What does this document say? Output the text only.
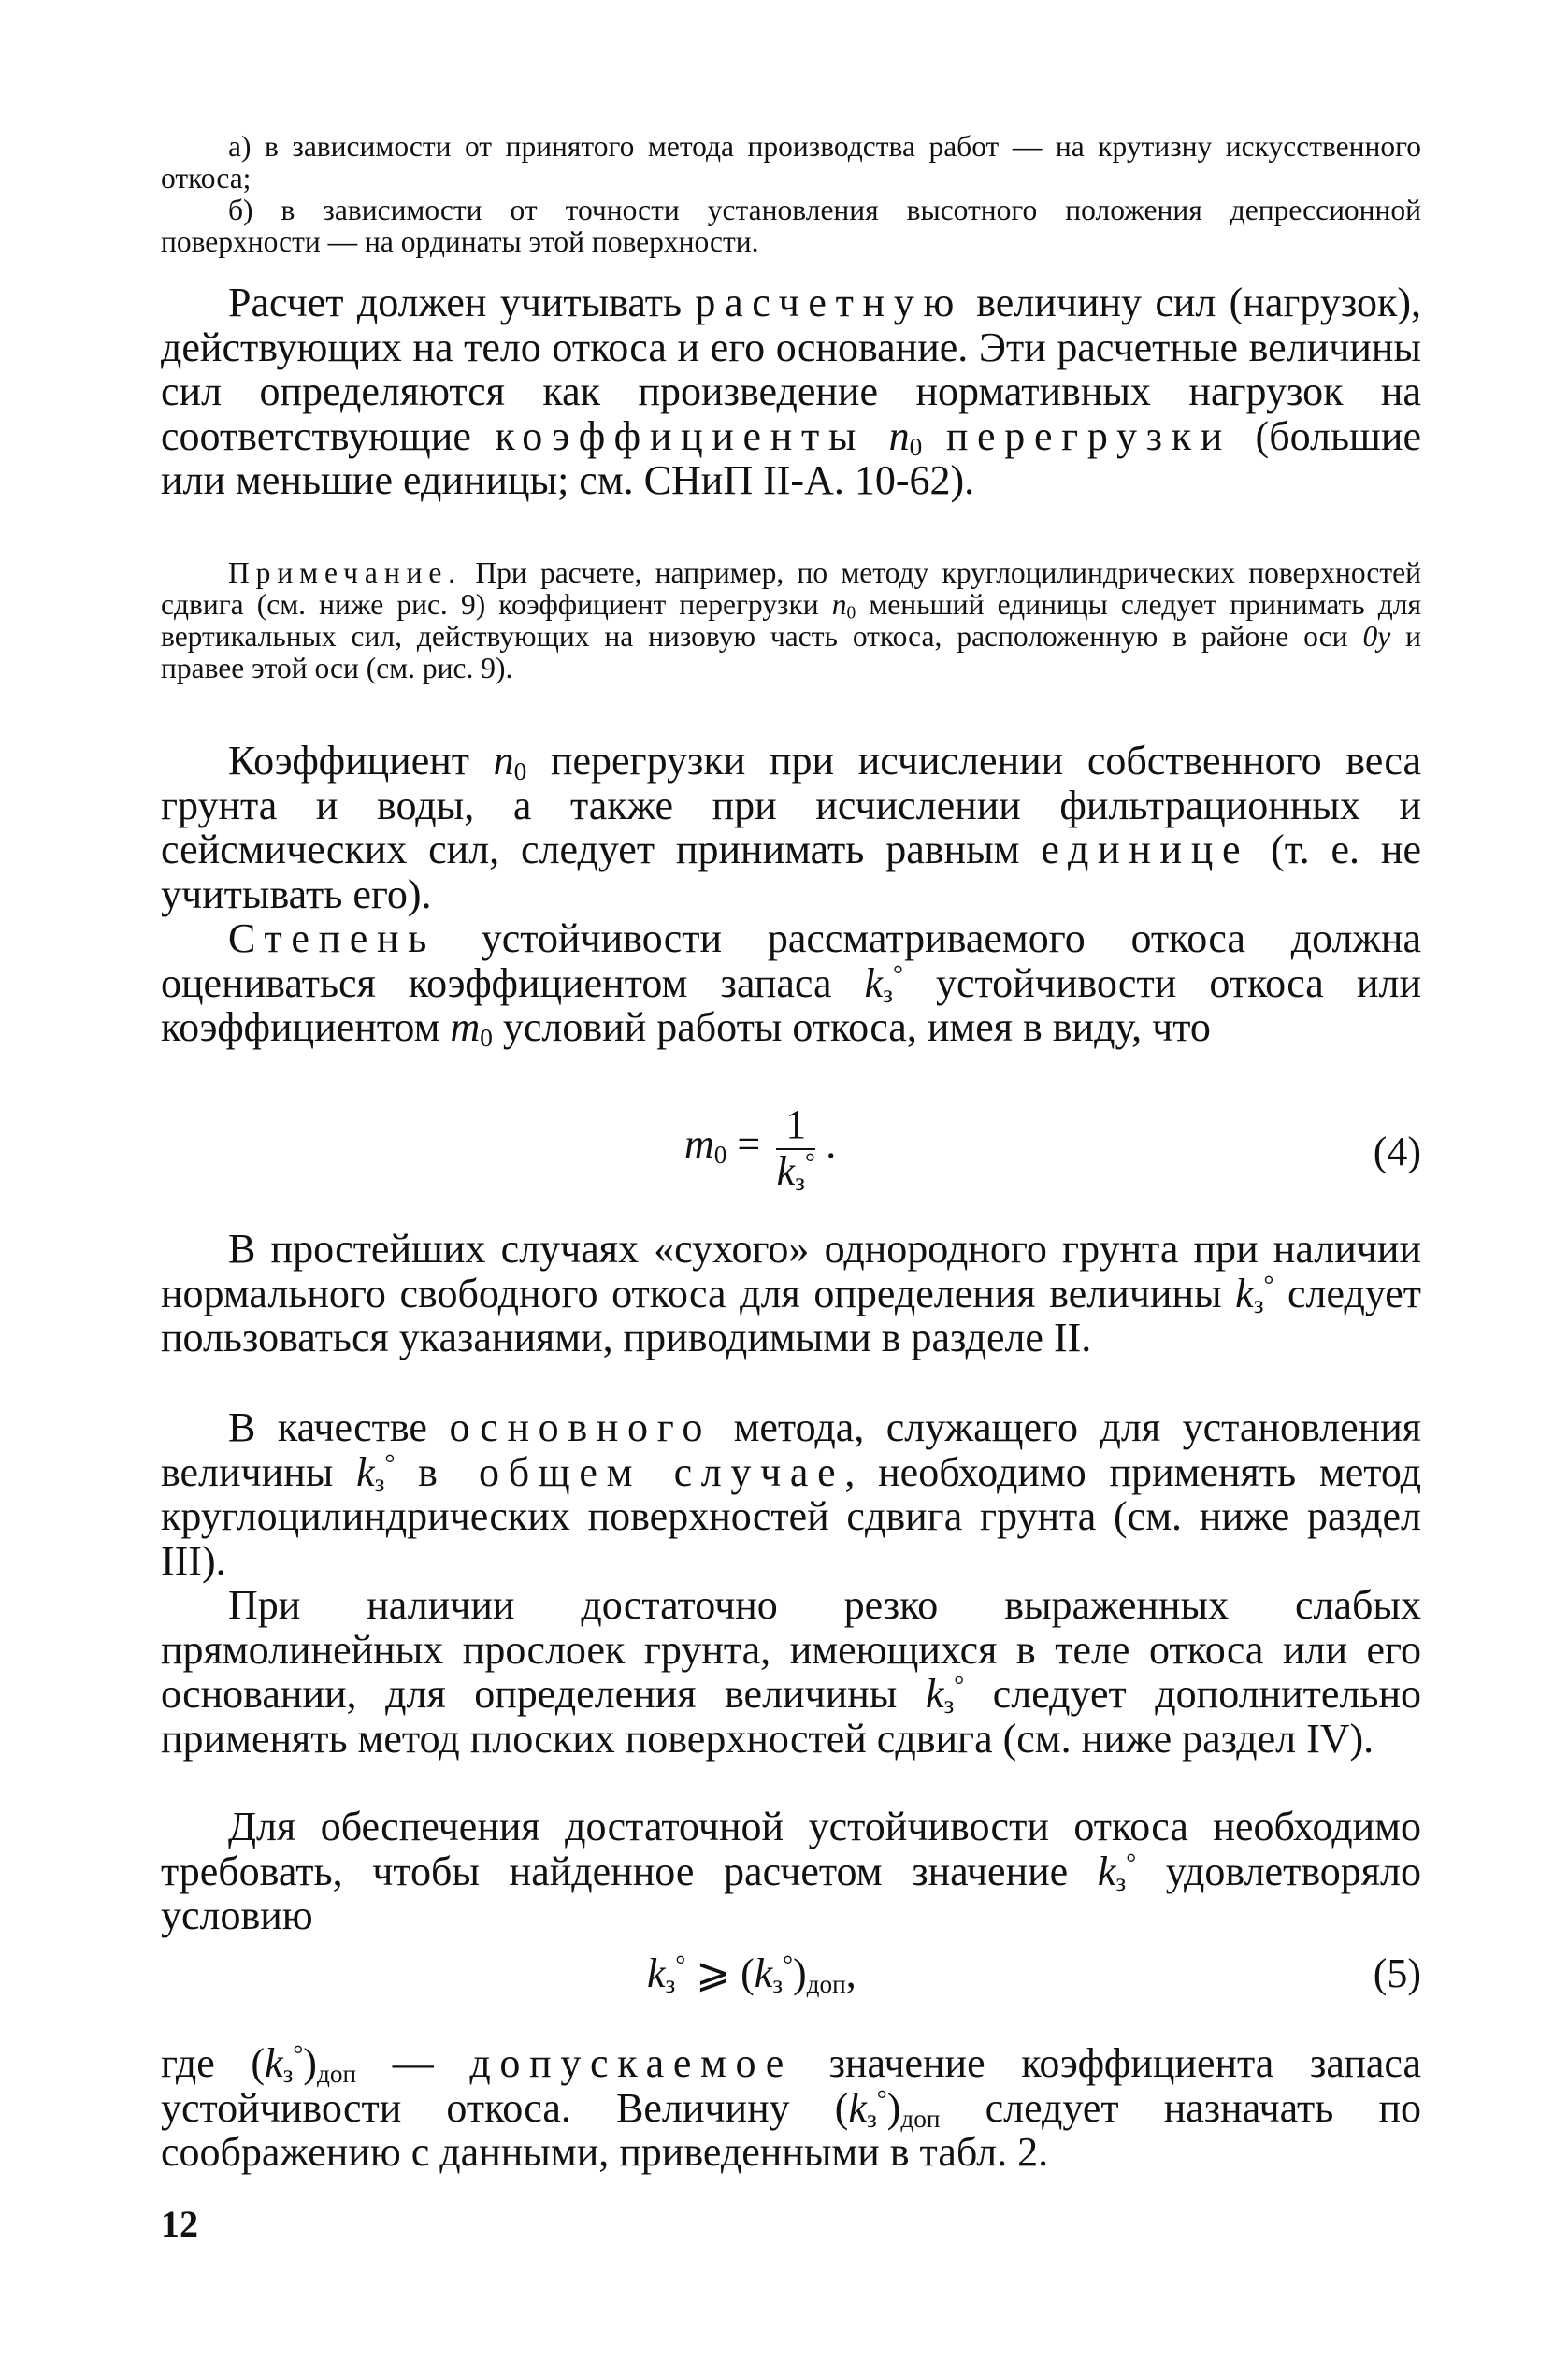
а) в зависимости от принятого метода производства работ — на крутизну искусственного откоса;

б) в зависимости от точности установления высотного положения депрессионной поверхности — на ординаты этой поверхности.

Расчет должен учитывать расчетную величину сил (нагрузок), действующих на тело откоса и его основание. Эти расчетные величины сил определяются как произведение нормативных нагрузок на соответствующие коэффициенты $n_0$ перегрузки (большие или меньшие единицы; см. СНиП II-А. 10-62).

Примечание. При расчете, например, по методу круглоцилиндрических поверхностей сдвига (см. ниже рис. 9) коэффициент перегрузки $n_0$ меньший единицы следует принимать для вертикальных сил, действующих на низовую часть откоса, расположенную в районе оси 0y и правее этой оси (см. рис. 9).

Коэффициент $n_0$ перегрузки при исчислении собственного веса грунта и воды, а также при исчислении фильтрационных и сейсмических сил, следует принимать равным единице (т. е. не учитывать его).

Степень устойчивости рассматриваемого откоса должна оцениваться коэффициентом запаса $k_з^\circ$ устойчивости откоса или коэффициентом $m_0$ условий работы откоса, имея в виду, что

$m_0 = \frac{1}{k_з^\circ}$ .	(4)

В простейших случаях «сухого» однородного грунта при наличии нормального свободного откоса для определения величины $k_з^\circ$ следует пользоваться указаниями, приводимыми в разделе II.

В качестве основного метода, служащего для установления величины $k_з^\circ$ в общем случае, необходимо применять метод круглоцилиндрических поверхностей сдвига грунта (см. ниже раздел III).

При наличии достаточно резко выраженных слабых прямолинейных прослоек грунта, имеющихся в теле откоса или его основании, для определения величины $k_з^\circ$ следует дополнительно применять метод плоских поверхностей сдвига (см. ниже раздел IV).

Для обеспечения достаточной устойчивости откоса необходимо требовать, чтобы найденное расчетом значение $k_з^\circ$ удовлетворяло условию

$k_з^\circ$ ⩾ $(k_з^\circ)_{доп}$,	(5)

где $(k_з^\circ)_{доп}$ — допускаемое значение коэффициента запаса устойчивости откоса. Величину $(k_з^\circ)_{доп}$ следует назначать по соображению с данными, приведенными в табл. 2.

12
